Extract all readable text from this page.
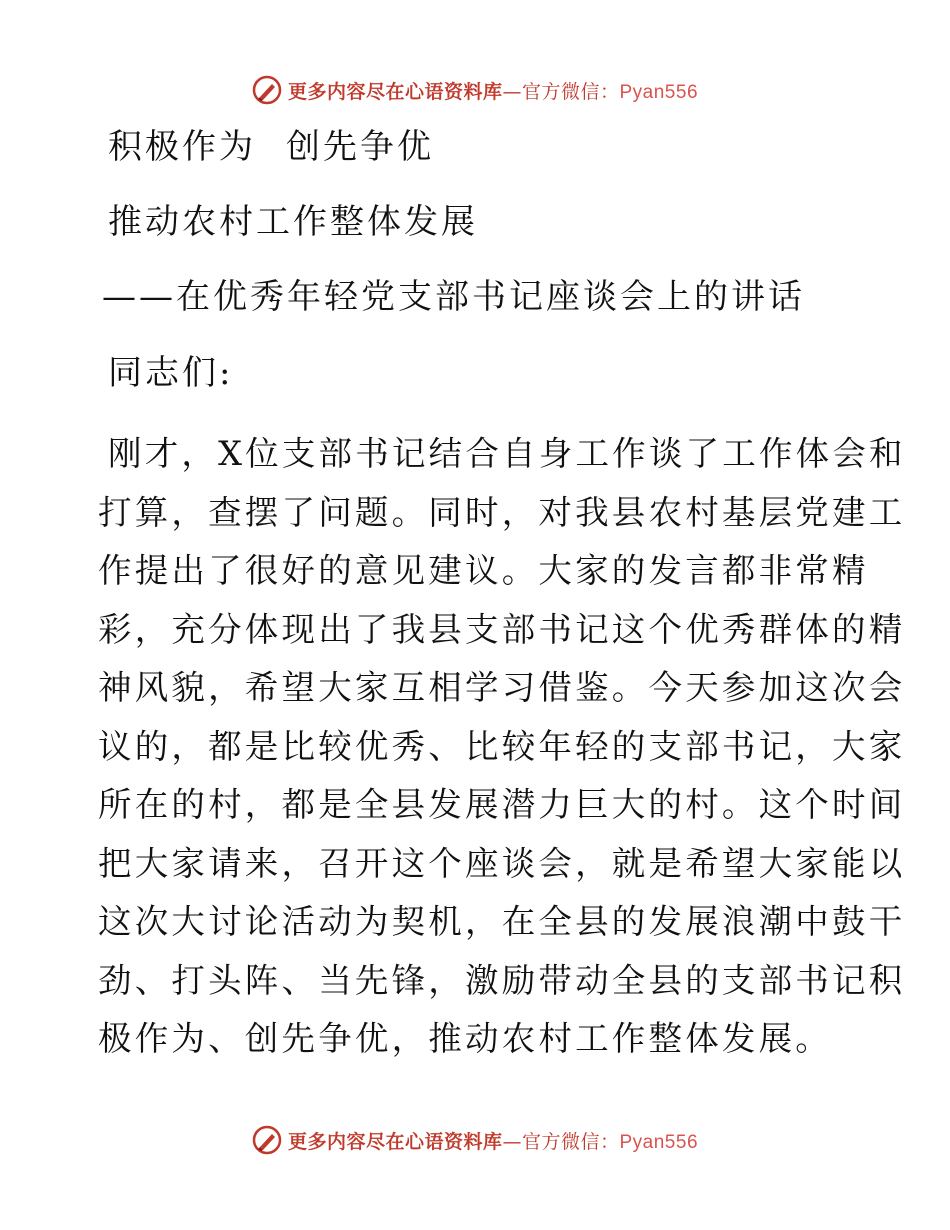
更多内容尽在心语资料库—官方微信：Pyan556
积极作为 创先争优
推动农村工作整体发展
——在优秀年轻党支部书记座谈会上的讲话
同志们:
刚才，X位支部书记结合自身工作谈了工作体会和
打算，查摆了问题。同时，对我县农村基层党建工
作提出了很好的意见建议。大家的发言都非常精
彩，充分体现出了我县支部书记这个优秀群体的精
神风貌，希望大家互相学习借鉴。今天参加这次会
议的，都是比较优秀、比较年轻的支部书记，大家
所在的村，都是全县发展潜力巨大的村。这个时间
把大家请来，召开这个座谈会，就是希望大家能以
这次大讨论活动为契机，在全县的发展浪潮中鼓干
劲、打头阵、当先锋，激励带动全县的支部书记积
极作为、创先争优，推动农村工作整体发展。
更多内容尽在心语资料库—官方微信：Pyan556
